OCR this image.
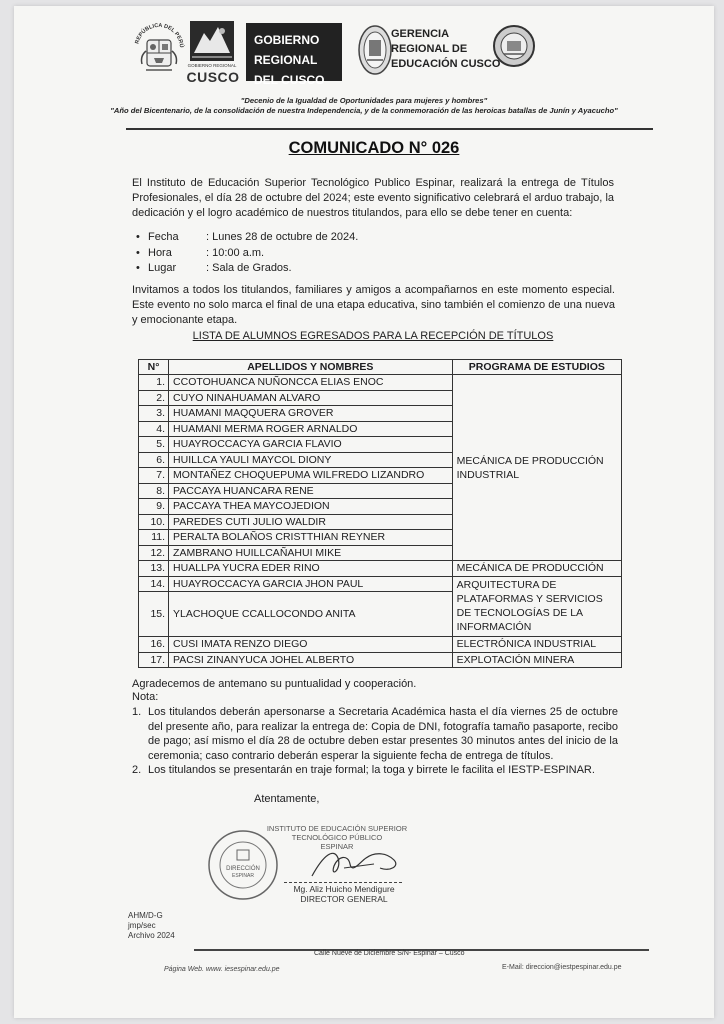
REPÚBLICA DEL PERÚ
GOBIERNO REGIONAL
CUSCO
GOBIERNO REGIONAL
DEL CUSCO
GERENCIA
REGIONAL DE
EDUCACIÓN CUSCO
"Decenio de la Igualdad de Oportunidades para mujeres y hombres"
"Año del Bicentenario, de la consolidación de nuestra Independencia, y de la conmemoración de las heroicas batallas de Junín y Ayacucho"
COMUNICADO N° 026
El Instituto de Educación Superior Tecnológico Publico Espinar, realizará la entrega de Títulos Profesionales, el día 28 de octubre del 2024; este evento significativo celebrará el arduo trabajo, la dedicación y el logro académico de nuestros titulandos, para ello se debe tener en cuenta:
• Fecha	: Lunes 28 de octubre de 2024.
• Hora	: 10:00 a.m.
• Lugar	: Sala de Grados.
Invitamos a todos los titulandos, familiares y amigos a acompañarnos en este momento especial. Este evento no solo marca el final de una etapa educativa, sino también el comienzo de una nueva y emocionante etapa.
LISTA DE ALUMNOS EGRESADOS PARA LA RECEPCIÓN DE TÍTULOS
N°	APELLIDOS Y NOMBRES	PROGRAMA DE ESTUDIOS
1.	CCOTOHUANCA NUÑONCCA ELIAS ENOC	MECÁNICA DE PRODUCCIÓN INDUSTRIAL
2.	CUYO NINAHUAMAN ALVARO	
3.	HUAMANI MAQQUERA GROVER	
4.	HUAMANI MERMA ROGER ARNALDO	
5.	HUAYROCCACYA GARCIA FLAVIO	
6.	HUILLCA YAULI MAYCOL DIONY	
7.	MONTAÑEZ CHOQUEPUMA WILFREDO LIZANDRO	
8.	PACCAYA HUANCARA RENE	
9.	PACCAYA THEA MAYCOJEDION	
10.	PAREDES CUTI JULIO WALDIR	
11.	PERALTA BOLAÑOS CRISTTHIAN REYNER	
12.	ZAMBRANO HUILLCAÑAHUI MIKE	
13.	HUALLPA YUCRA EDER RINO	MECÁNICA DE PRODUCCIÓN
14.	HUAYROCCACYA GARCIA JHON PAUL	ARQUITECTURA DE PLATAFORMAS Y SERVICIOS DE TECNOLOGÍAS DE LA INFORMACIÓN
15.	YLACHOQUE CCALLOCONDO ANITA	
16.	CUSI IMATA RENZO DIEGO	ELECTRÓNICA INDUSTRIAL
17.	PACSI ZINANYUCA JOHEL ALBERTO	EXPLOTACIÓN MINERA
Agradecemos de antemano su puntualidad y cooperación.
Nota:
1. Los titulandos deberán apersonarse a Secretaria Académica hasta el día viernes 25 de octubre del presente año, para realizar la entrega de: Copia de DNI, fotografía tamaño pasaporte, recibo de pago; así mismo el día 28 de octubre deben estar presentes 30 minutos antes del inicio de la ceremonia; caso contrario deberán esperar la siguiente fecha de entrega de títulos.
2. Los titulandos se presentarán en traje formal; la toga y birrete le facilita el IESTP-ESPINAR.
Atentamente,
DIRECCIÓN
ESPINAR
INSTITUTO DE EDUCACIÓN SUPERIOR
TECNOLÓGICO PÚBLICO
ESPINAR
Mg. Aliz Huicho Mendigure
DIRECTOR GENERAL
AHM/D-G
jmp/sec
Archivo 2024
Calle Nueve de Diciembre S/N- Espinar – Cusco
Página Web. www. iesespinar.edu.pe	E-Mail: direccion@iestpespinar.edu.pe
